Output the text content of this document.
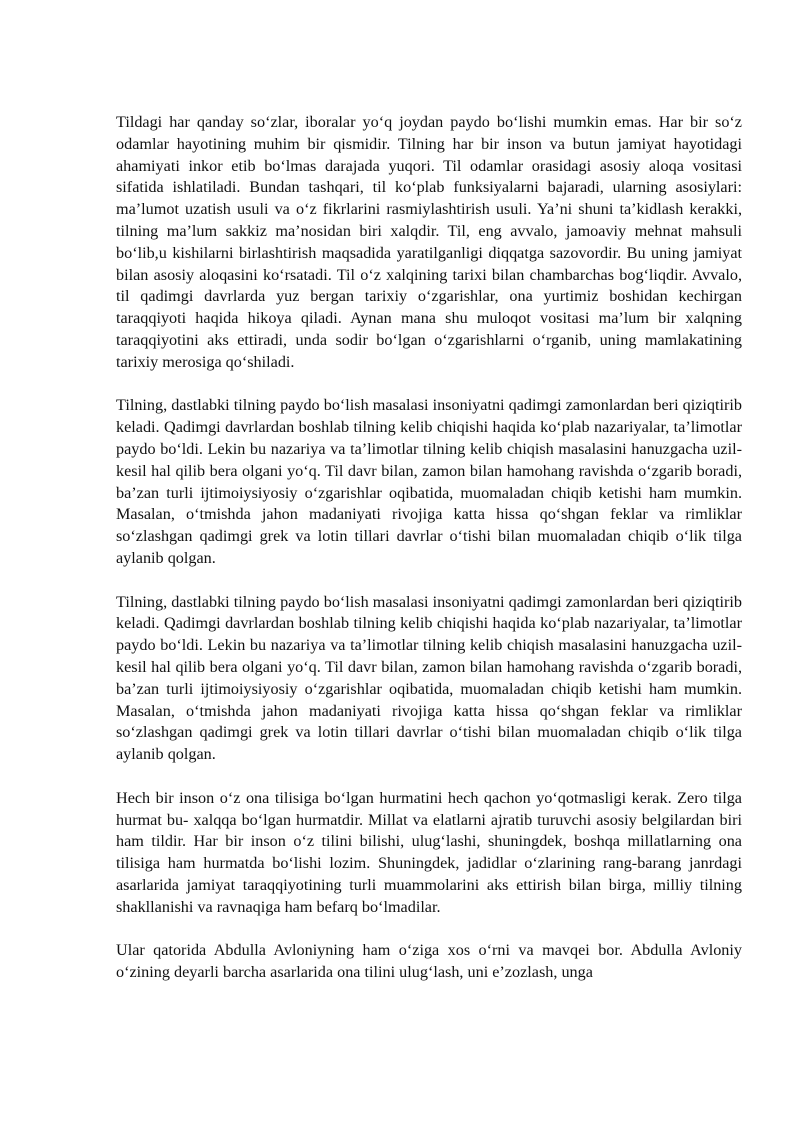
Tildagi har qanday so‘zlar, iboralar yo‘q joydan paydo bo‘lishi mumkin emas. Har bir so‘z odamlar hayotining muhim bir qismidir. Tilning har bir inson va butun jamiyat hayotidagi ahamiyati inkor etib bo‘lmas darajada yuqori. Til odamlar orasidagi asosiy aloqa vositasi sifatida ishlatiladi. Bundan tashqari, til ko‘plab funksiyalarni bajaradi, ularning asosiylari: ma’lumot uzatish usuli va o‘z fikrlarini rasmiylashtirish usuli. Ya’ni shuni ta’kidlash kerakki, tilning ma’lum sakkiz ma’nosidan biri xalqdir. Til, eng avvalo, jamoaviy mehnat mahsuli bo‘lib,u kishilarni birlashtirish maqsadida yaratilganligi diqqatga sazovordir. Bu uning jamiyat bilan asosiy aloqasini ko‘rsatadi. Til o‘z xalqining tarixi bilan chambarchas bog‘liqdir. Avvalo, til qadimgi davrlarda yuz bergan tarixiy o‘zgarishlar, ona yurtimiz boshidan kechirgan taraqqiyoti haqida hikoya qiladi. Aynan mana shu muloqot vositasi ma’lum bir xalqning taraqqiyotini aks ettiradi, unda sodir bo‘lgan o‘zgarishlarni o‘rganib, uning mamlakatining tarixiy merosiga qo‘shiladi.

Tilning, dastlabki tilning paydo bo‘lish masalasi insoniyatni qadimgi zamonlardan beri qiziqtirib keladi. Qadimgi davrlardan boshlab tilning kelib chiqishi haqida ko‘plab nazariyalar, ta’limotlar paydo bo‘ldi. Lekin bu nazariya va ta’limotlar tilning kelib chiqish masalasini hanuzgacha uzil-kesil hal qilib bera olgani yo‘q. Til davr bilan, zamon bilan hamohang ravishda o‘zgarib boradi, ba’zan turli ijtimoiysiyosiy o‘zgarishlar oqibatida, muomaladan chiqib ketishi ham mumkin. Masalan, o‘tmishda jahon madaniyati rivojiga katta hissa qo‘shgan feklar va rimliklar so‘zlashgan qadimgi grek va lotin tillari davrlar o‘tishi bilan muomaladan chiqib o‘lik tilga aylanib qolgan.

Tilning, dastlabki tilning paydo bo‘lish masalasi insoniyatni qadimgi zamonlardan beri qiziqtirib keladi. Qadimgi davrlardan boshlab tilning kelib chiqishi haqida ko‘plab nazariyalar, ta’limotlar paydo bo‘ldi. Lekin bu nazariya va ta’limotlar tilning kelib chiqish masalasini hanuzgacha uzil-kesil hal qilib bera olgani yo‘q. Til davr bilan, zamon bilan hamohang ravishda o‘zgarib boradi, ba’zan turli ijtimoiysiyosiy o‘zgarishlar oqibatida, muomaladan chiqib ketishi ham mumkin. Masalan, o‘tmishda jahon madaniyati rivojiga katta hissa qo‘shgan feklar va rimliklar so‘zlashgan qadimgi grek va lotin tillari davrlar o‘tishi bilan muomaladan chiqib o‘lik tilga aylanib qolgan.

Hech bir inson o‘z ona tilisiga bo‘lgan hurmatini hech qachon yo‘qotmasligi kerak. Zero tilga hurmat bu- xalqqa bo‘lgan hurmatdir. Millat va elatlarni ajratib turuvchi asosiy belgilardan biri ham tildir. Har bir inson o‘z tilini bilishi, ulug‘lashi, shuningdek, boshqa millatlarning ona tilisiga ham hurmatda bo‘lishi lozim. Shuningdek, jadidlar o‘zlarining rang-barang janrdagi asarlarida jamiyat taraqqiyotining turli muammolarini aks ettirish bilan birga, milliy tilning shakllanishi va ravnaqiga ham befarq bo‘lmadilar.

Ular qatorida Abdulla Avloniyning ham o‘ziga xos o‘rni va mavqei bor. Abdulla Avloniy o‘zining deyarli barcha asarlarida ona tilini ulug‘lash, uni e’zozlash, unga
